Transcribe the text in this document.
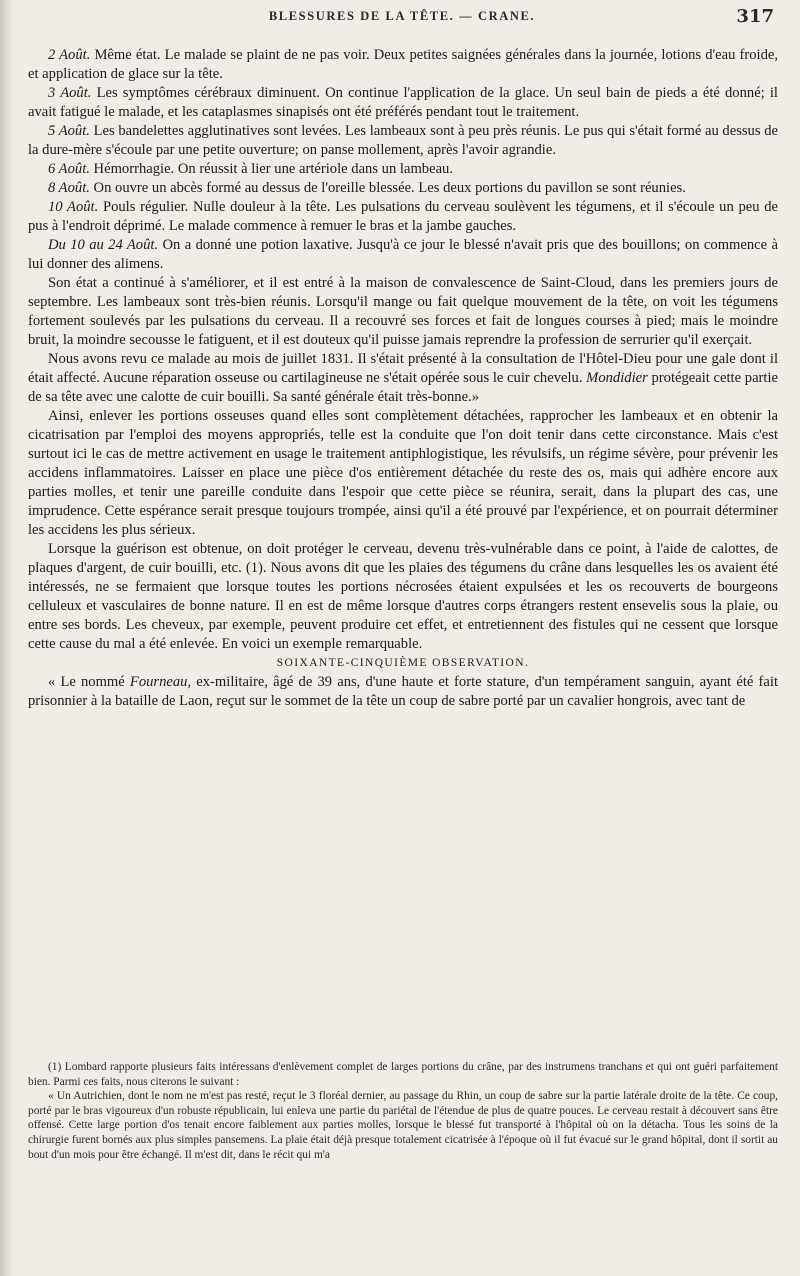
BLESSURES DE LA TÊTE. — CRANE.	317

2 Août. Même état. Le malade se plaint de ne pas voir. Deux petites saignées générales dans la journée, lotions d'eau froide, et application de glace sur la tête.

3 Août. Les symptômes cérébraux diminuent. On continue l'application de la glace. Un seul bain de pieds a été donné; il avait fatigué le malade, et les cataplasmes sinapisés ont été préférés pendant tout le traitement.

5 Août. Les bandelettes agglutinatives sont levées. Les lambeaux sont à peu près réunis. Le pus qui s'était formé au dessus de la dure-mère s'écoule par une petite ouverture; on panse mollement, après l'avoir agrandie.

6 Août. Hémorrhagie. On réussit à lier une artériole dans un lambeau.

8 Août. On ouvre un abcès formé au dessus de l'oreille blessée. Les deux portions du pavillon se sont réunies.

10 Août. Pouls régulier. Nulle douleur à la tête. Les pulsations du cerveau soulèvent les tégumens, et il s'écoule un peu de pus à l'endroit déprimé. Le malade commence à remuer le bras et la jambe gauches.

Du 10 au 24 Août. On a donné une potion laxative. Jusqu'à ce jour le blessé n'avait pris que des bouillons; on commence à lui donner des alimens.

Son état a continué à s'améliorer, et il est entré à la maison de convalescence de Saint-Cloud, dans les premiers jours de septembre. Les lambeaux sont très-bien réunis. Lorsqu'il mange ou fait quelque mouvement de la tête, on voit les tégumens fortement soulevés par les pulsations du cerveau. Il a recouvré ses forces et fait de longues courses à pied; mais le moindre bruit, la moindre secousse le fatiguent, et il est douteux qu'il puisse jamais reprendre la profession de serrurier qu'il exerçait.

Nous avons revu ce malade au mois de juillet 1831. Il s'était présenté à la consultation de l'Hôtel-Dieu pour une gale dont il était affecté. Aucune réparation osseuse ou cartilagineuse ne s'était opérée sous le cuir chevelu. Mondidier protégeait cette partie de sa tête avec une calotte de cuir bouilli. Sa santé générale était très-bonne.»

Ainsi, enlever les portions osseuses quand elles sont complètement détachées, rapprocher les lambeaux et en obtenir la cicatrisation par l'emploi des moyens appropriés, telle est la conduite que l'on doit tenir dans cette circonstance. Mais c'est surtout ici le cas de mettre activement en usage le traitement antiphlogistique, les révulsifs, un régime sévère, pour prévenir les accidens inflammatoires. Laisser en place une pièce d'os entièrement détachée du reste des os, mais qui adhère encore aux parties molles, et tenir une pareille conduite dans l'espoir que cette pièce se réunira, serait, dans la plupart des cas, une imprudence. Cette espérance serait presque toujours trompée, ainsi qu'il a été prouvé par l'expérience, et on pourrait déterminer les accidens les plus sérieux.

Lorsque la guérison est obtenue, on doit protéger le cerveau, devenu très-vulnérable dans ce point, à l'aide de calottes, de plaques d'argent, de cuir bouilli, etc. (1). Nous avons dit que les plaies des tégumens du crâne dans lesquelles les os avaient été intéressés, ne se fermaient que lorsque toutes les portions nécrosées étaient expulsées et les os recouverts de bourgeons celluleux et vasculaires de bonne nature. Il en est de même lorsque d'autres corps étrangers restent ensevelis sous la plaie, ou entre ses bords. Les cheveux, par exemple, peuvent produire cet effet, et entretiennent des fistules qui ne cessent que lorsque cette cause du mal a été enlevée. En voici un exemple remarquable.

SOIXANTE-CINQUIÈME OBSERVATION.

« Le nommé Fourneau, ex-militaire, âgé de 39 ans, d'une haute et forte stature, d'un tempérament sanguin, ayant été fait prisonnier à la bataille de Laon, reçut sur le sommet de la tête un coup de sabre porté par un cavalier hongrois, avec tant de

(1) Lombard rapporte plusieurs faits intéressans d'enlèvement complet de larges portions du crâne, par des instrumens tranchans et qui ont guéri parfaitement bien. Parmi ces faits, nous citerons le suivant :

« Un Autrichien, dont le nom ne m'est pas resté, reçut le 3 floréal dernier, au passage du Rhin, un coup de sabre sur la partie latérale droite de la tête. Ce coup, porté par le bras vigoureux d'un robuste républicain, lui enleva une partie du pariétal de l'étendue de plus de quatre pouces. Le cerveau restait à découvert sans être offensé. Cette large portion d'os tenait encore faiblement aux parties molles, lorsque le blessé fut transporté à l'hôpital où on la détacha. Tous les soins de la chirurgie furent bornés aux plus simples pansemens. La plaie était déjà presque totalement cicatrisée à l'époque où il fut évacué sur le grand hôpital, dont il sortit au bout d'un mois pour être échangé. Il m'est dit, dans le récit qui m'a
